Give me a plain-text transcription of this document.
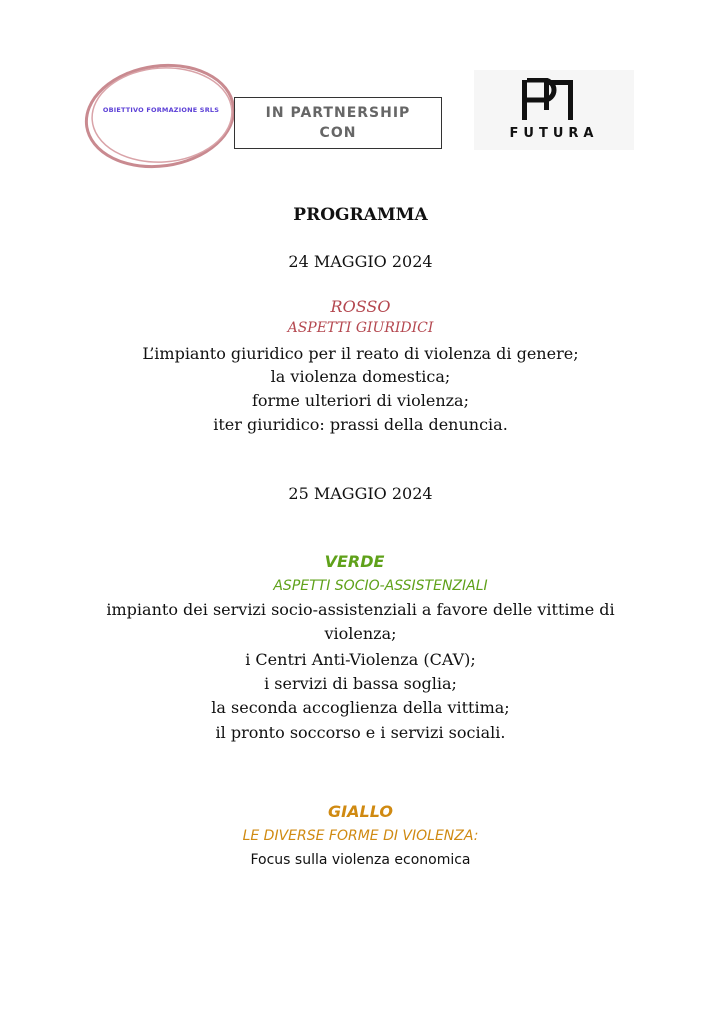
OBIETTIVO FORMAZIONE SRLS	IN PARTNERSHIP CON	FUTURA
PROGRAMMA
24 MAGGIO 2024
ROSSO
ASPETTI GIURIDICI
L’impianto giuridico per il reato di violenza di genere;
la violenza domestica;
forme ulteriori di violenza;
iter giuridico: prassi della denuncia.
25 MAGGIO 2024
VERDE
ASPETTI SOCIO-ASSISTENZIALI
impianto dei servizi socio-assistenziali a favore delle vittime di
violenza;
i Centri Anti-Violenza (CAV);
i servizi di bassa soglia;
la seconda accoglienza della vittima;
il pronto soccorso e i servizi sociali.
GIALLO
LE DIVERSE FORME DI VIOLENZA:
Focus sulla violenza economica
